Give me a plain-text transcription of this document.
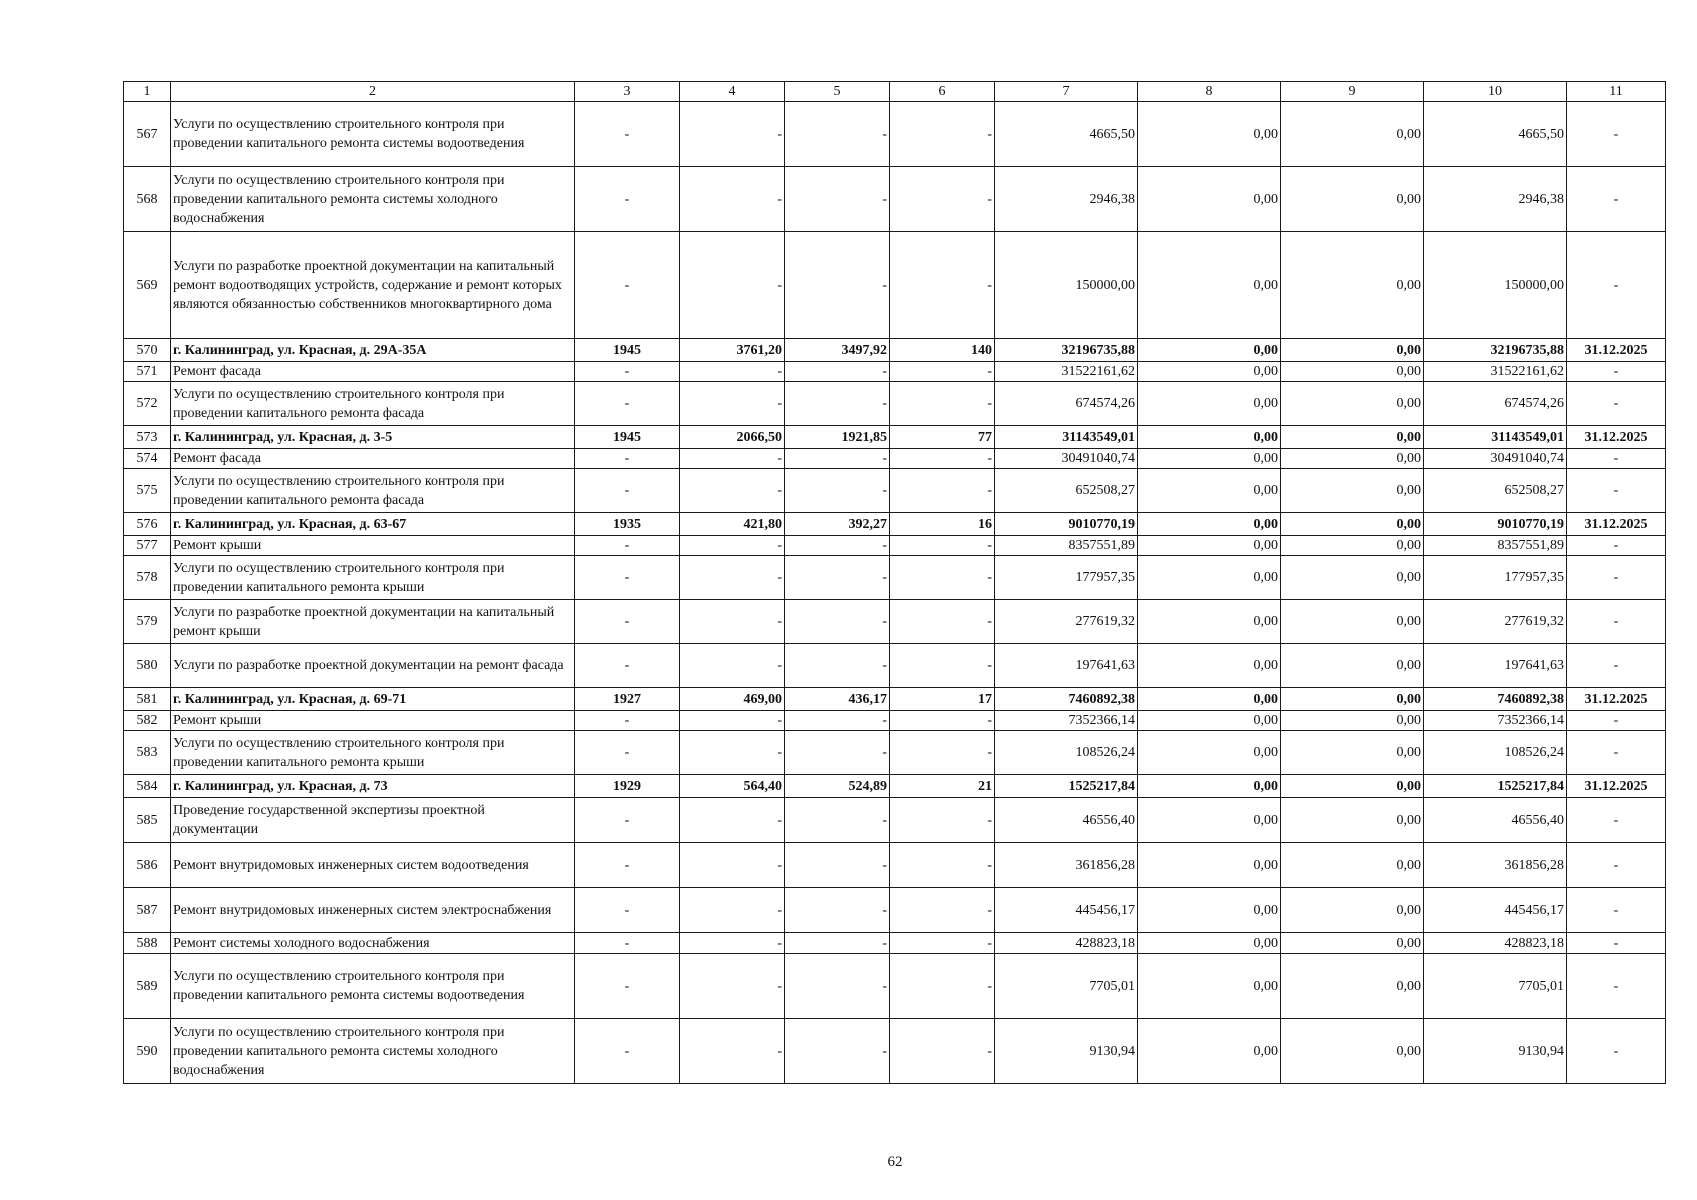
1	2	3	4	5	6	7	8	9	10	11
567	Услуги по осуществлению строительного контроля при проведении капитального ремонта системы водоотведения	-	-	-	-	4665,50	0,00	0,00	4665,50	-
568	Услуги по осуществлению строительного контроля при проведении капитального ремонта системы холодного водоснабжения	-	-	-	-	2946,38	0,00	0,00	2946,38	-
569	Услуги по разработке проектной документации на капитальный ремонт водоотводящих устройств, содержание и ремонт которых являются обязанностью собственников многоквартирного дома	-	-	-	-	150000,00	0,00	0,00	150000,00	-
570	г. Калининград, ул. Красная, д. 29А-35А	1945	3761,20	3497,92	140	32196735,88	0,00	0,00	32196735,88	31.12.2025
571	Ремонт фасада	-	-	-	-	31522161,62	0,00	0,00	31522161,62	-
572	Услуги по осуществлению строительного контроля при проведении капитального ремонта фасада	-	-	-	-	674574,26	0,00	0,00	674574,26	-
573	г. Калининград, ул. Красная, д. 3-5	1945	2066,50	1921,85	77	31143549,01	0,00	0,00	31143549,01	31.12.2025
574	Ремонт фасада	-	-	-	-	30491040,74	0,00	0,00	30491040,74	-
575	Услуги по осуществлению строительного контроля при проведении капитального ремонта фасада	-	-	-	-	652508,27	0,00	0,00	652508,27	-
576	г. Калининград, ул. Красная, д. 63-67	1935	421,80	392,27	16	9010770,19	0,00	0,00	9010770,19	31.12.2025
577	Ремонт крыши	-	-	-	-	8357551,89	0,00	0,00	8357551,89	-
578	Услуги по осуществлению строительного контроля при проведении капитального ремонта крыши	-	-	-	-	177957,35	0,00	0,00	177957,35	-
579	Услуги по разработке проектной документации на капитальный ремонт крыши	-	-	-	-	277619,32	0,00	0,00	277619,32	-
580	Услуги по разработке проектной документации на ремонт фасада	-	-	-	-	197641,63	0,00	0,00	197641,63	-
581	г. Калининград, ул. Красная, д. 69-71	1927	469,00	436,17	17	7460892,38	0,00	0,00	7460892,38	31.12.2025
582	Ремонт крыши	-	-	-	-	7352366,14	0,00	0,00	7352366,14	-
583	Услуги по осуществлению строительного контроля при проведении капитального ремонта крыши	-	-	-	-	108526,24	0,00	0,00	108526,24	-
584	г. Калининград, ул. Красная, д. 73	1929	564,40	524,89	21	1525217,84	0,00	0,00	1525217,84	31.12.2025
585	Проведение государственной экспертизы проектной документации	-	-	-	-	46556,40	0,00	0,00	46556,40	-
586	Ремонт внутридомовых инженерных систем водоотведения	-	-	-	-	361856,28	0,00	0,00	361856,28	-
587	Ремонт внутридомовых инженерных систем электроснабжения	-	-	-	-	445456,17	0,00	0,00	445456,17	-
588	Ремонт системы холодного водоснабжения	-	-	-	-	428823,18	0,00	0,00	428823,18	-
589	Услуги по осуществлению строительного контроля при проведении капитального ремонта системы водоотведения	-	-	-	-	7705,01	0,00	0,00	7705,01	-
590	Услуги по осуществлению строительного контроля при проведении капитального ремонта системы холодного водоснабжения	-	-	-	-	9130,94	0,00	0,00	9130,94	-
62
